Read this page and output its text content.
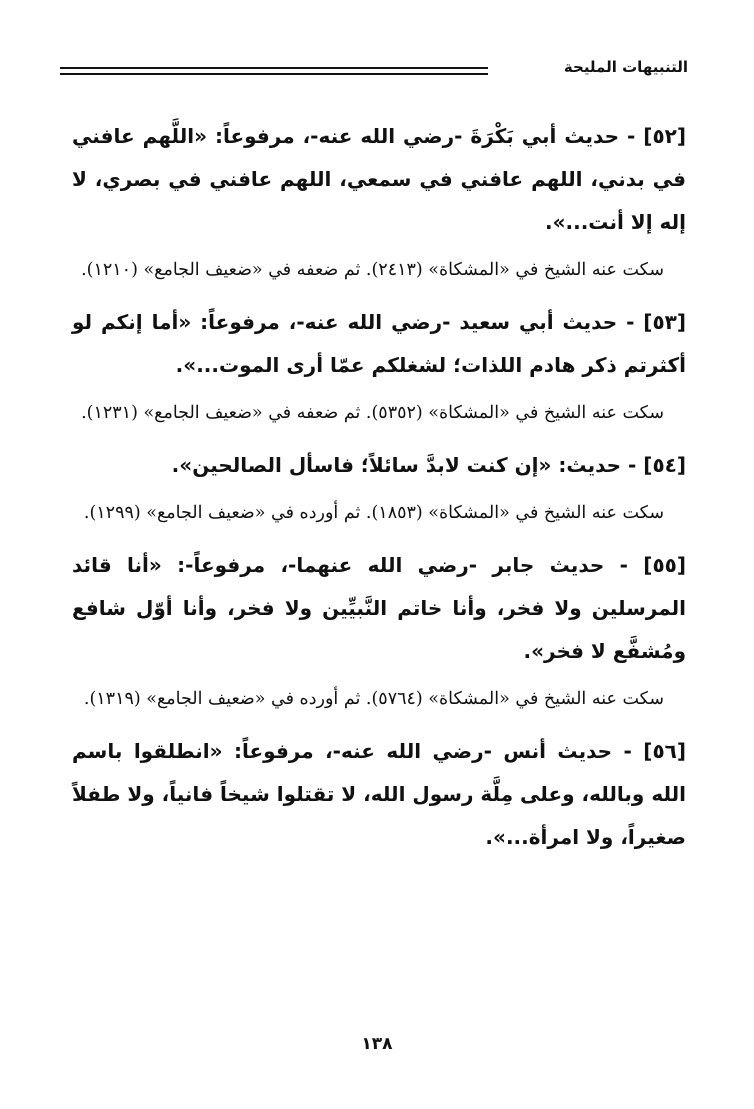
التنبيهات المليحة

[٥٢] - حديث أبي بَكْرَةَ -رضي الله عنه-، مرفوعاً: «اللَّهم عافني في بدني، اللهم عافني في سمعي، اللهم عافني في بصري، لا إله إلا أنت...».

سكت عنه الشيخ في «المشكاة» (٢٤١٣). ثم ضعفه في «ضعيف الجامع» (١٢١٠).

[٥٣] - حديث أبي سعيد -رضي الله عنه-، مرفوعاً: «أما إنكم لو أكثرتم ذكر هادم اللذات؛ لشغلكم عمّا أرى الموت...».

سكت عنه الشيخ في «المشكاة» (٥٣٥٢). ثم ضعفه في «ضعيف الجامع» (١٢٣١).

[٥٤] - حديث: «إن كنت لابدَّ سائلاً؛ فاسأل الصالحين».

سكت عنه الشيخ في «المشكاة» (١٨٥٣). ثم أورده في «ضعيف الجامع» (١٢٩٩).

[٥٥] - حديث جابر -رضي الله عنهما-، مرفوعاً-: «أنا قائد المرسلين ولا فخر، وأنا خاتم النَّبيِّين ولا فخر، وأنا أوّل شافع ومُشفَّع لا فخر».

سكت عنه الشيخ في «المشكاة» (٥٧٦٤). ثم أورده في «ضعيف الجامع» (١٣١٩).

[٥٦] - حديث أنس -رضي الله عنه-، مرفوعاً: «انطلقوا باسم الله وبالله، وعلى مِلَّة رسول الله، لا تقتلوا شيخاً فانياً، ولا طفلاً صغيراً، ولا امرأة...».

١٣٨
